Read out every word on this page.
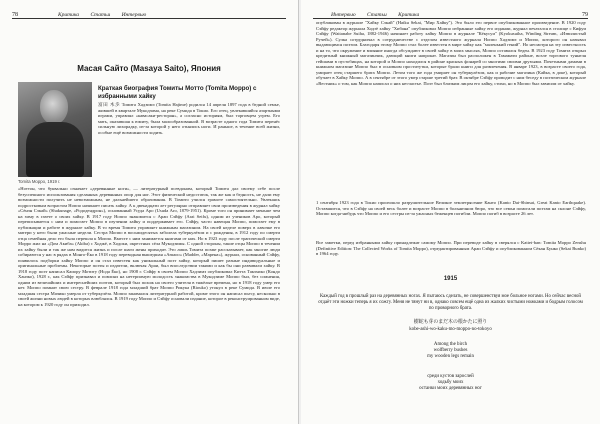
78	Критика Статьи Интервью
Масая Сайто (Masaya Saito), Япония
Tomita Moppo, 1919 г.
Краткая биография Томиты Мотто (Tomita Moppo) с избранными хайку

富田 木歩 Томита Хадзимэ (Tomita Hajime) родился 14 апреля 1897 года в бедной семье, жившей в квартале Мукодзима, на реке Сумида в Токио. Его отец, увлекавшийся азартными играми, управлял «кавасаки-ресторан», а согласно историям, был торговцем угрем. Его мать, оказавшая к юмиту, была малообразованной. В возрасте одного года Томита перенёс сильную лихорадку, из-за которой у него отнялись ноги. И раньше, в течение всей жизни, особые ещё возможности ходить.

«Ноттон, что буквально означает «деревянные ноги», — литературный псевдоним, который Томита дал своему себе после безуспешного использования сделанных деревянных опор для ног. Этот физический недостаток, так же как и бедность, не дали ему возможности получить не невозможным, не дальнейшего образования. В Томито учился грамоте самостоятельно. Увлекаясь подростковым возрастом Ноппо начинает писать хайку. А к двенадцати лет регулярно отправляет свои произведения в журнал хайку «Сёнэн Сэкай» (Shakunage, «Рододендрон»), основанный Усуда Аро (Usuda Aro, 1879-1951). Кроме того он принимает меньше чем на зиму в газете о своих хайку. В 1917 году Ноппо знакомится с Араи Сэйфу (Arai Seifu), одним из учеников Аро, который переписывается с ним и помогает Моппо в изучении хайку и поддерживает его. Сэйфу, часто навещая Моппо, помогает ему в публикации и работе в журнале хайку. В то время Томита управляет книжным магазином. На своей неделе поверх в лавочке его матери у него были ужасные недели. Сестра Моппо в восьмидесятых заболела туберкулёзом и с рождения, в 1912 году по смерти отца семейная дело его была перешла к Моппо. Вместе с ним занимается книгами от них. Но в 1923 году после трагической смерти Moppo жил на «Дом Акиба» (Akiba) с Ходжё, в Ходоки, окрестных сёла Мукодзимы. С одной стороны, такие отцы Моппо в течении их хайку были и так же нам видится жизнь и после шаги жены приходит. Это лишь Томита позже рассказывает, как многие люди собираются у нас в рядах в Монго-Ёко в 1918 году переводная вышедшая «Amaoo» (Madder, «Марена»), журнал, основанный Сэйфу, появилось подборки хайку Моппо и он стал известен как уникальный поэт хайку, который пишет разные индивидуальные и оригинальные проблемы. Некоторые поэты и издатели, включая Араи, был впоследствии такими и как бы они развивали хайку. В 1918 году поэт написал Каиору Мотиту (Нода Ёко), но 1908 г. Сэйфу в своем Моппо Хадзимэ опубликовал Китта Такэхико (Кондо Ханэко), 1928 г., как Сэйфу признавал и повлиял на нетерпимую молодость знакомства в Мукодзиме Моппо был, без сомнения, одним из величайших и интереснейших поэтов, который был похож на своего учителя в тяжёлые времена, но в 1918 году умер его нет. Моппо помнит свою сестру. В феврале 1918 года младший брат Моппо Рикука (Riouko) утонул в реке Сумида. В июле его младшая сестра Мачико умерла от туберкулёза. Моппо занимался литературной работой, кроме этого он написал пьесу, несколько в своей жизни новых людей в которых влюблялся. В 1919 году Моппо и Сэйфу основали издание, которое в реконструированном виде, на котором к 1920 году он приходил.

Интервью Статьи Критика	79

опубликован в журнале "Хайку Сэкай" (Haiku Sekai, "Мир Хайку"). Это было его первое опубликованное произведение. В 1920 году Сэйфу редактор журнала Ходзё хайку "Хибана" опубликовал Моппо избранные хайку его издании, журнал печатался в столице с Кифуи Сэйфу (Waitanabe Suiha, 1882-1946) начинает работу хайку Моппо в журнале "Кёкусуи" (Kyokusuiha, Winding Stream, «Извилистый Ручей»). Сулка сотрудничал в сотрудничестве с отделом известного журнала Ноппо Хадзимэ и Моппо, которого он называл выдающимся поэтом. Благодаря этому Моппо стал более известен в мире хайку как "маленький гений". Но несмотря на эту известность и на то, что окружение и влияние иногда обсуждают в своей хайку в моих мыслях, Моппо оставался беден. В 1923 году Томита открыл кредитный книжный магазинчик, дающий книги напрокат. Магазин был расположен в Тамамати районе, возле торгового туннеля гейшами в пустобищах, на которой и Моппо находился в районе красных фонарей со многими своими друзьями. Почетными дамами в книжном магазине Моппо был в основном проститутки, которые брали книги для развлечения. В январе 1923, в возрасте своего года, умирает отец старшего брата Моппо. Летом того же года умирает он туберкулёзом, как и рабочие магазина (Кайка, в доке), который обучает в Хайку Моппо. А в сентябре от этого умер старше третий брат. В октябре Сэйфу проводит с ним беседу в поэтическом журнале «Вестник» о том, как Моппо написал о них несчастье. Поэт был близким лицом его хайку, стихи, но в Моппо был зависим от хайку.

1 сентября 1923 года в Токио произошло разрушительное Великое землетрясение Канто (Kanto Dai-Shinsai, Great Kanto Earthquake). Оставшиеся, что в Сэйфу на своей весь более и возрасте Моппо в больничном бюро, что все семьи помогали поэтам на склоне Сэйфу, Моппо когда-нибудь что Моппо и его сестры из-за ужасных беженцев погибли. Моппо погиб в возрасте 26 лет.

Все заметки, перед избранными хайку принадлежат самому Моппо. При переводе хайку в сверялся с Kattei-ban: Tomita Moppo Zenshu (Definitive Edition: The Collected Works of Tomita Moppo), отредактированным Араи Сэйфу и опубликованном Сёкан Бунко (Sekai Bunko) в 1964 году.

1915
Каждый год в прошлый раз на деревянных ногах. Я пытаюсь сделать, не совершенствуя мое больное ногами. Но сейчас весной отдаёт эти ножки теперь я их сожгу. Меня не тянут ни в, однако совсем ещё одна из жалких чистыми ножками и бодрым голосом по проворного брата.
樹蛇も芽のまだ木の根かたに照り
kobe-ashi-wo-kaku-mo-moppo-no-tokoyo
Among the birch
wolfberry bushes
my wooden legs remain
среди кустов зарослей
ходьбу моих
останки моих деревянных ног
